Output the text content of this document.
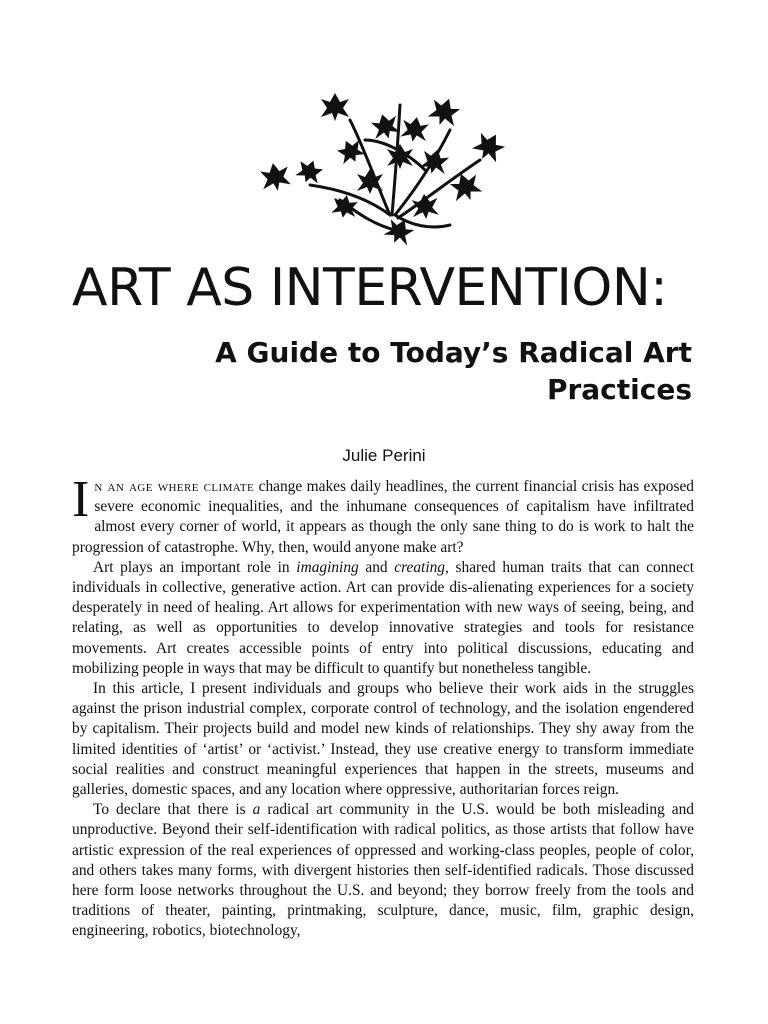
ART AS INTERVENTION:
A Guide to Today’s Radical Art Practices
Julie Perini

In an age where climate change makes daily headlines, the current financial crisis has exposed severe economic inequalities, and the inhumane consequences of capitalism have infiltrated almost every corner of world, it appears as though the only sane thing to do is work to halt the progression of catastrophe. Why, then, would anyone make art?

Art plays an important role in imagining and creating, shared human traits that can connect individuals in collective, generative action. Art can provide dis-alienating experiences for a society desperately in need of healing. Art allows for experimentation with new ways of seeing, being, and relating, as well as opportunities to develop innovative strategies and tools for resistance movements. Art creates accessible points of entry into political discussions, educating and mobilizing people in ways that may be difficult to quantify but nonetheless tangible.

In this article, I present individuals and groups who believe their work aids in the struggles against the prison industrial complex, corporate control of technology, and the isolation engendered by capitalism. Their projects build and model new kinds of relationships. They shy away from the limited identities of ‘artist’ or ‘activist.’ Instead, they use creative energy to transform immediate social realities and construct meaningful experiences that happen in the streets, museums and galleries, domestic spaces, and any location where oppressive, authoritarian forces reign.

To declare that there is a radical art community in the U.S. would be both misleading and unproductive. Beyond their self-identification with radical politics, as those artists that follow have artistic expression of the real experiences of oppressed and working-class peoples, people of color, and others takes many forms, with divergent histories then self-identified radicals. Those discussed here form loose networks throughout the U.S. and beyond; they borrow freely from the tools and traditions of theater, painting, printmaking, sculpture, dance, music, film, graphic design, engineering, robotics, biotechnology,
